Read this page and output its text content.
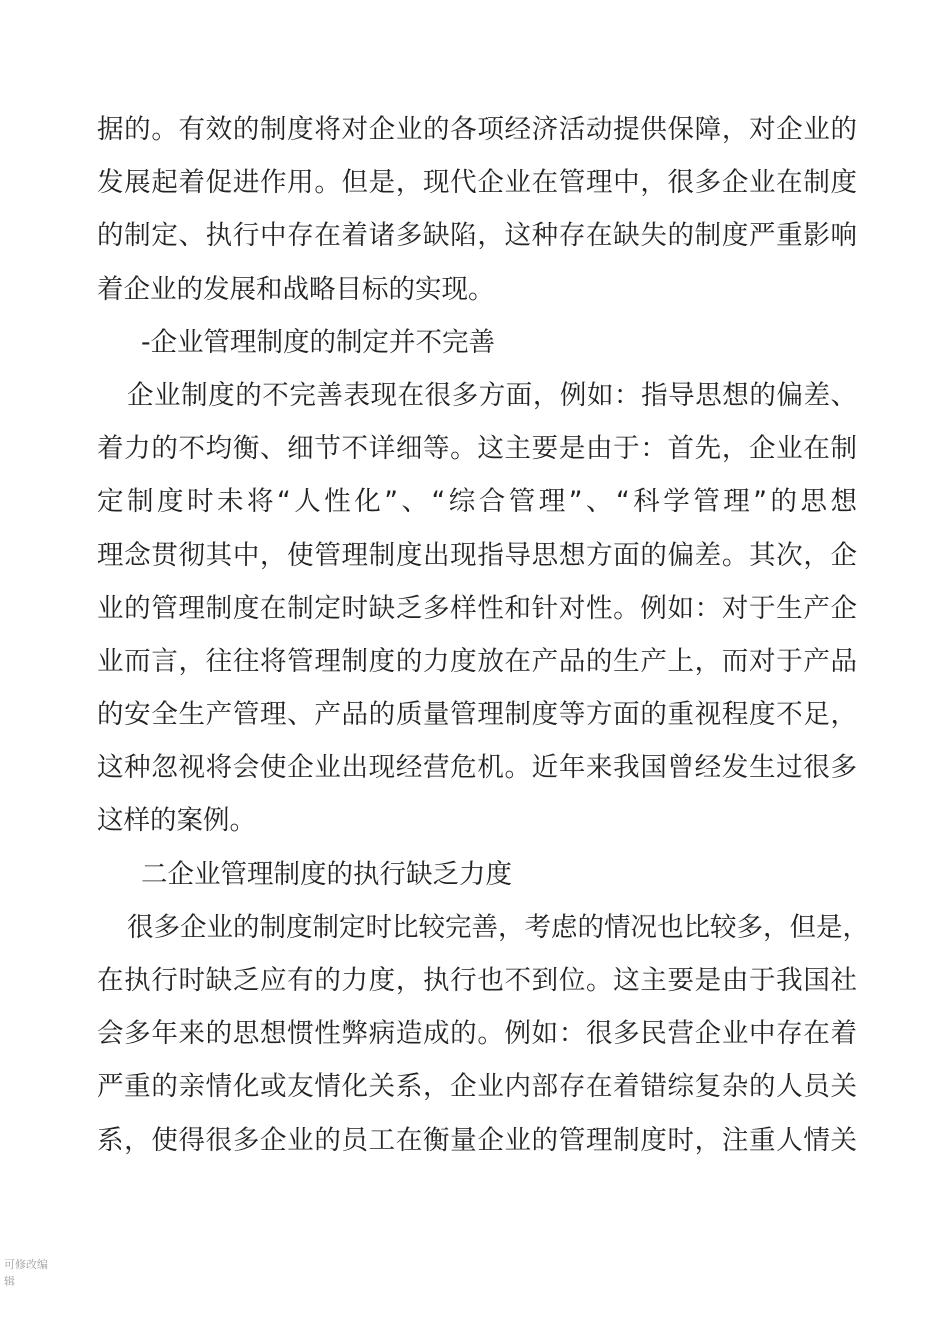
据的。有效的制度将对企业的各项经济活动提供保障，对企业的
发展起着促进作用。但是，现代企业在管理中，很多企业在制度
的制定、执行中存在着诸多缺陷，这种存在缺失的制度严重影响
着企业的发展和战略目标的实现。
-企业管理制度的制定并不完善
企业制度的不完善表现在很多方面，例如：指导思想的偏差、
着力的不均衡、细节不详细等。这主要是由于：首先，企业在制
定制度时未将“人性化”、“综合管理”、“科学管理”的思想
理念贯彻其中，使管理制度出现指导思想方面的偏差。其次，企
业的管理制度在制定时缺乏多样性和针对性。例如：对于生产企
业而言，往往将管理制度的力度放在产品的生产上，而对于产品
的安全生产管理、产品的质量管理制度等方面的重视程度不足，
这种忽视将会使企业出现经营危机。近年来我国曾经发生过很多
这样的案例。
二企业管理制度的执行缺乏力度
很多企业的制度制定时比较完善，考虑的情况也比较多，但是，
在执行时缺乏应有的力度，执行也不到位。这主要是由于我国社
会多年来的思想惯性弊病造成的。例如：很多民营企业中存在着
严重的亲情化或友情化关系，企业内部存在着错综复杂的人员关
系，使得很多企业的员工在衡量企业的管理制度时，注重人情关
可修改编辑
